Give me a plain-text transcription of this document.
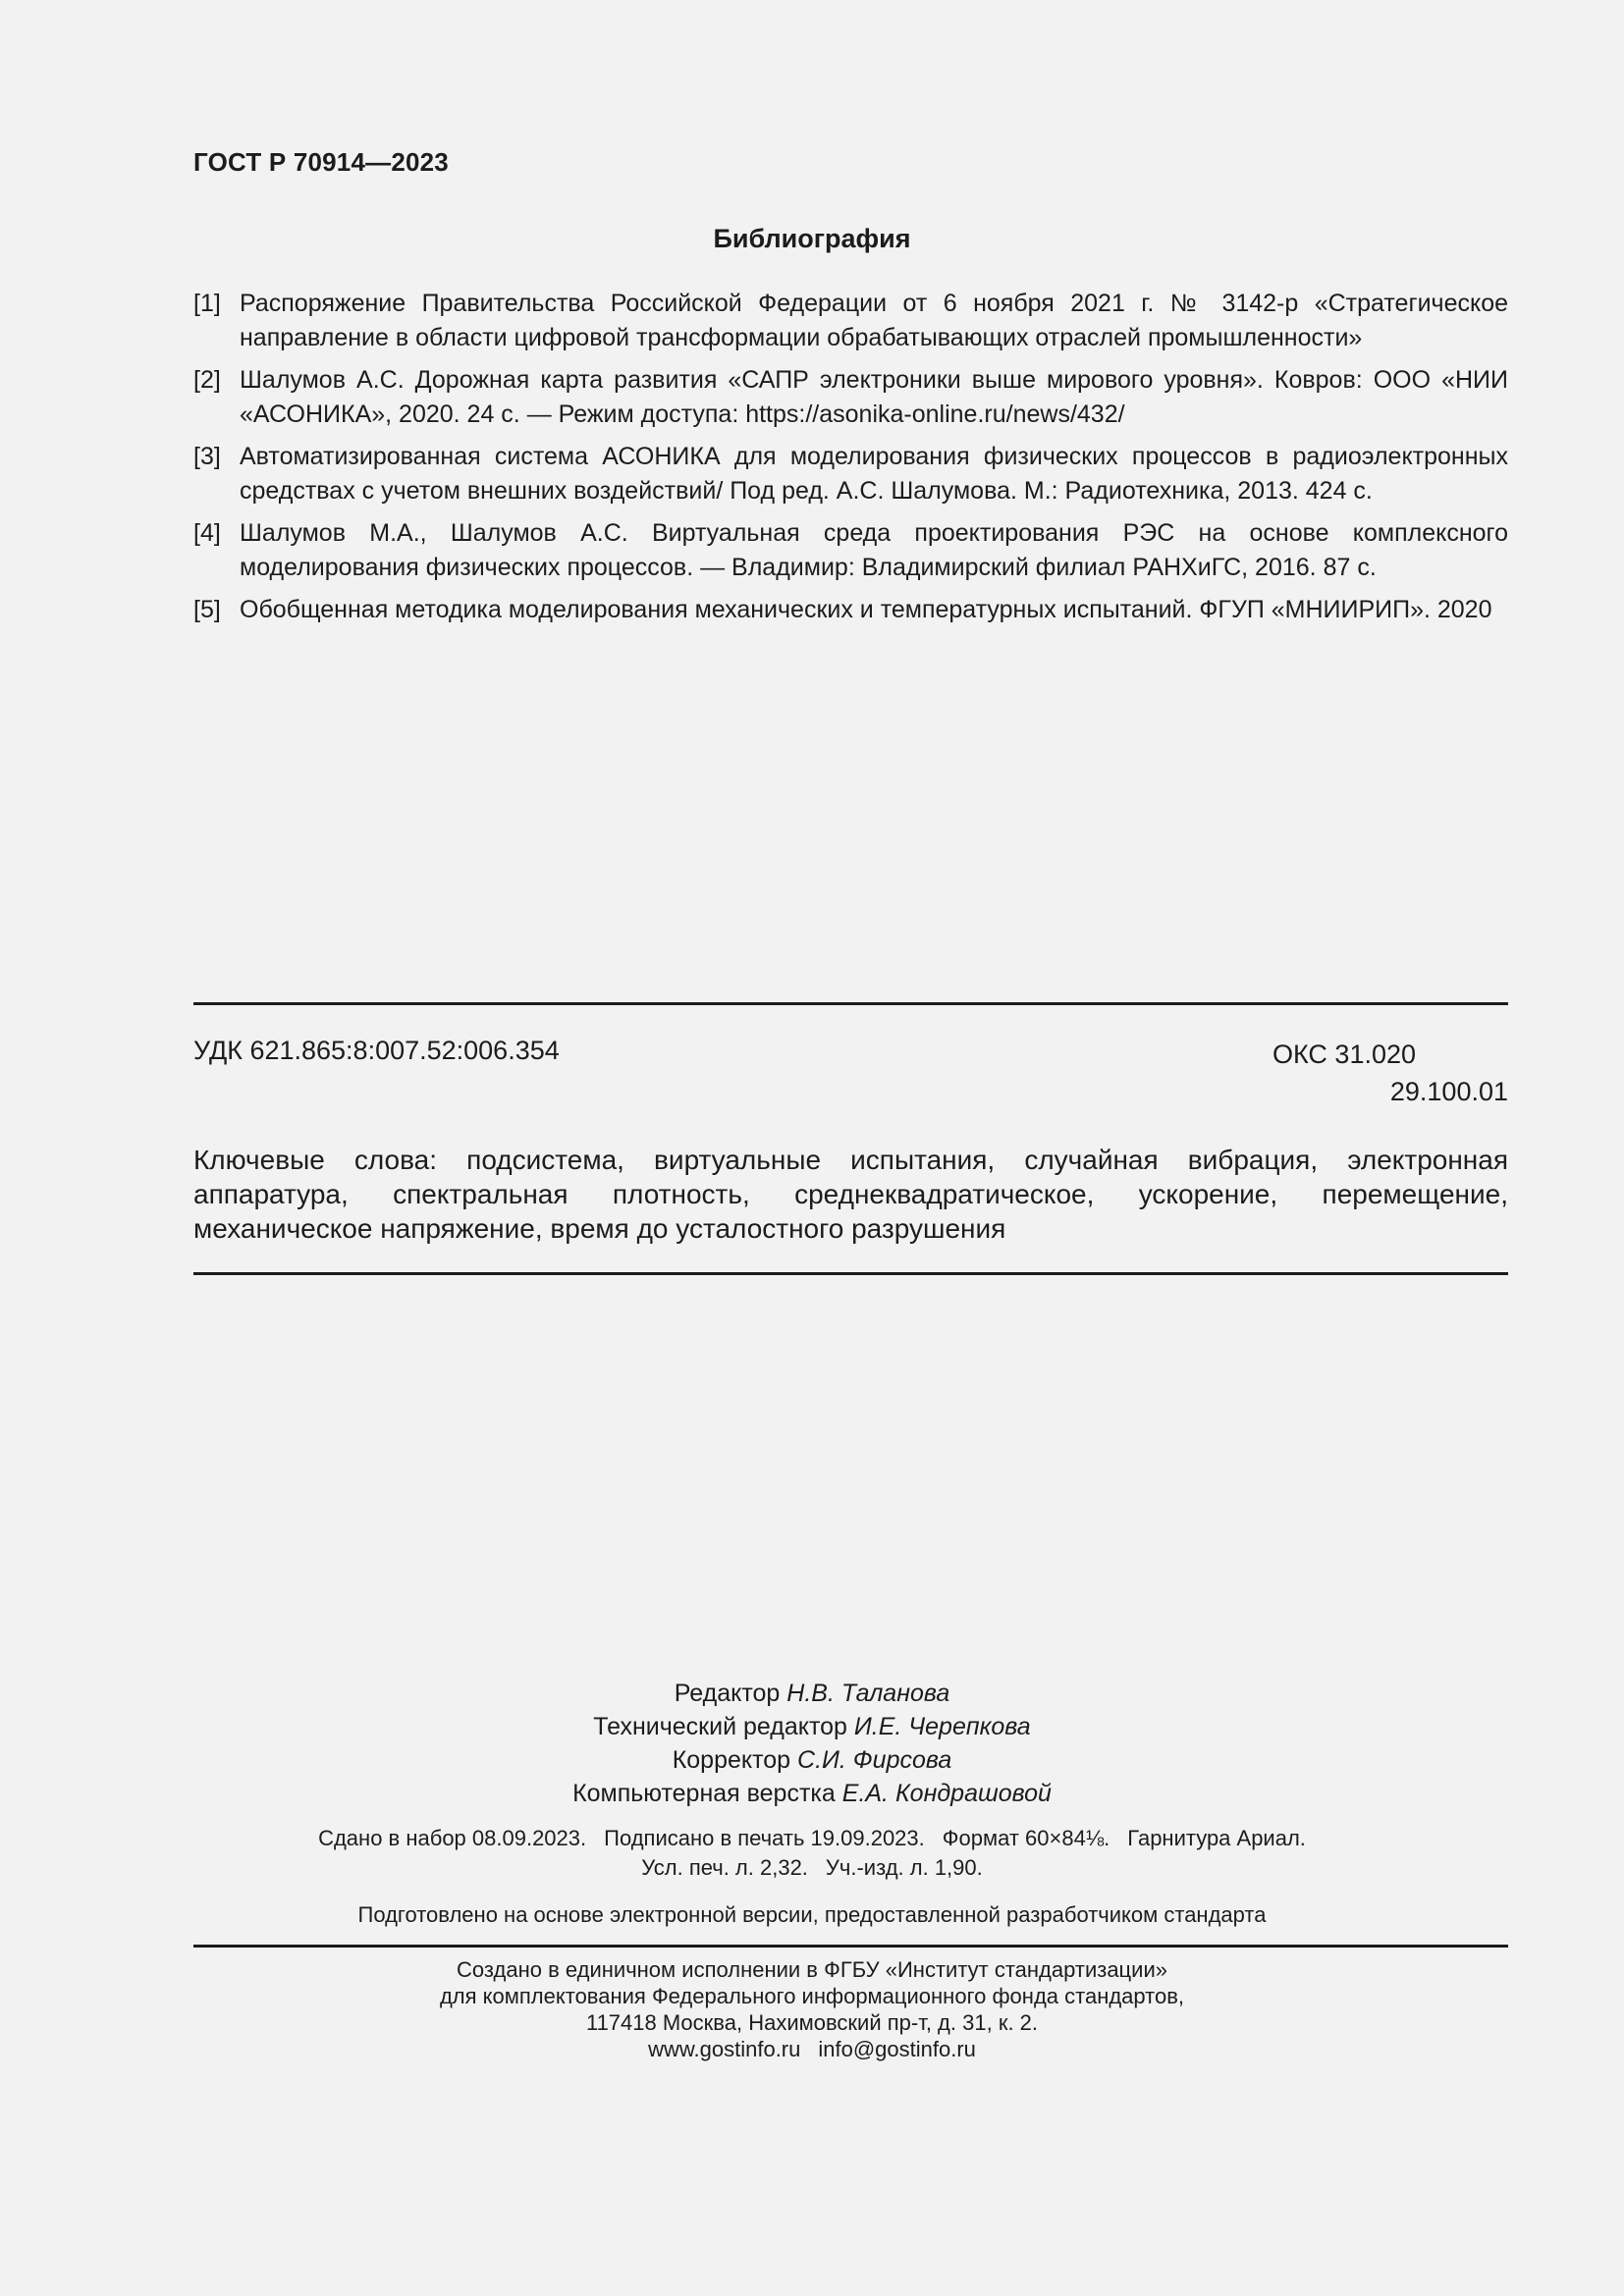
ГОСТ Р 70914—2023
Библиография
[1] Распоряжение Правительства Российской Федерации от 6 ноября 2021 г. № 3142-р «Стратегическое направление в области цифровой трансформации обрабатывающих отраслей промышленности»
[2] Шалумов А.С. Дорожная карта развития «САПР электроники выше мирового уровня». Ковров: ООО «НИИ «АСОНИКА», 2020. 24 с. — Режим доступа: https://asonika-online.ru/news/432/
[3] Автоматизированная система АСОНИКА для моделирования физических процессов в радиоэлектронных средствах с учетом внешних воздействий/ Под ред. А.С. Шалумова. М.: Радиотехника, 2013. 424 с.
[4] Шалумов М.А., Шалумов А.С. Виртуальная среда проектирования РЭС на основе комплексного моделирования физических процессов. — Владимир: Владимирский филиал РАНХиГС, 2016. 87 с.
[5] Обобщенная методика моделирования механических и температурных испытаний. ФГУП «МНИИРИП». 2020
УДК 621.865:8:007.52:006.354	ОКС 31.020
29.100.01
Ключевые слова: подсистема, виртуальные испытания, случайная вибрация, электронная аппаратура, спектральная плотность, среднеквадратическое, ускорение, перемещение, механическое напряжение, время до усталостного разрушения
Редактор Н.В. Таланова
Технический редактор И.Е. Черепкова
Корректор С.И. Фирсова
Компьютерная верстка Е.А. Кондрашовой
Сдано в набор 08.09.2023. Подписано в печать 19.09.2023. Формат 60×84⅛. Гарнитура Ариал.
Усл. печ. л. 2,32. Уч.-изд. л. 1,90.
Подготовлено на основе электронной версии, предоставленной разработчиком стандарта
Создано в единичном исполнении в ФГБУ «Институт стандартизации»
для комплектования Федерального информационного фонда стандартов,
117418 Москва, Нахимовский пр-т, д. 31, к. 2.
www.gostinfo.ru info@gostinfo.ru
